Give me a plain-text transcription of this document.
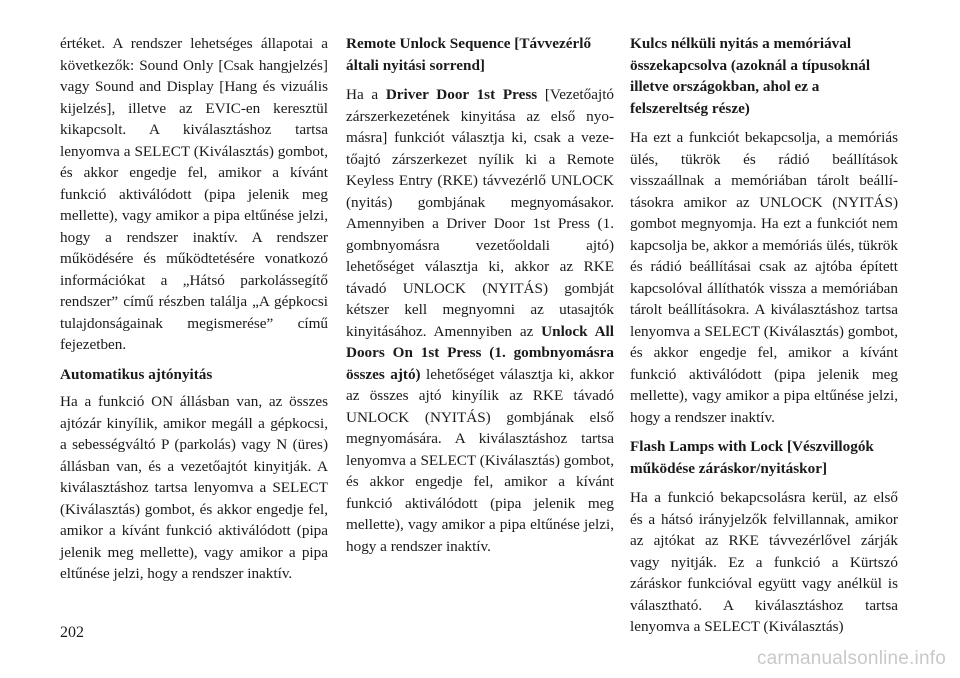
értéket. A rendszer lehetséges állapotai a következők: Sound Only [Csak hangjelzés] vagy Sound and Display [Hang és vizuális kijelzés], illetve az EVIC-en keresztül kikapcsolt. A kiválasztáshoz tartsa lenyomva a SELECT (Kiválasztás) gombot, és akkor engedje fel, amikor a kívánt funkció aktiválódott (pipa jelenik meg mellette), vagy amikor a pipa eltűnése jelzi, hogy a rendszer inaktív. A rendszer működésére és működtetésére vonatkozó információkat a „Hátsó parkolássegítő rendszer” című részben találja „A gépkocsi tulajdonságainak megismerése” című fejezetben.

Automatikus ajtónyitás

Ha a funkció ON állásban van, az összes ajtózár kinyílik, amikor megáll a gépkocsi, a sebességváltó P (parkolás) vagy N (üres) állásban van, és a vezetőajtót kinyitják. A kiválasztáshoz tartsa lenyomva a SELECT (Kiválasztás) gombot, és akkor engedje fel, amikor a kívánt funkció aktiválódott (pipa jelenik meg mellette), vagy amikor a pipa eltűnése jelzi, hogy a rendszer inaktív.

Remote Unlock Sequence [Távvezérlő általi nyitási sorrend]

Ha a Driver Door 1st Press [Vezetőajtó zárszerkezetének kinyitása az első nyomásra] funkciót választja ki, csak a vezetőajtó zárszerkezet nyílik ki a Remote Keyless Entry (RKE) távvezérlő UNLOCK (nyitás) gombjának megnyomásakor. Amennyiben a Driver Door 1st Press (1. gombnyomásra vezetőoldali ajtó) lehetőséget választja ki, akkor az RKE távadó UNLOCK (NYITÁS) gombját kétszer kell megnyomni az utasajtók kinyitásához. Amennyiben az Unlock All Doors On 1st Press (1. gombnyomásra összes ajtó) lehetőséget választja ki, akkor az összes ajtó kinyílik az RKE távadó UNLOCK (NYITÁS) gombjának első megnyomására. A kiválasztáshoz tartsa lenyomva a SELECT (Kiválasztás) gombot, és akkor engedje fel, amikor a kívánt funkció aktiválódott (pipa jelenik meg mellette), vagy amikor a pipa eltűnése jelzi, hogy a rendszer inaktív.

Kulcs nélküli nyitás a memóriával összekapcsolva (azoknál a típusoknál illetve országokban, ahol ez a felszereltség része)

Ha ezt a funkciót bekapcsolja, a memóriás ülés, tükrök és rádió beállítások visszaállnak a memóriában tárolt beállításokra amikor az UNLOCK (NYITÁS) gombot megnyomja. Ha ezt a funkciót nem kapcsolja be, akkor a memóriás ülés, tükrök és rádió beállításai csak az ajtóba épített kapcsolóval állíthatók vissza a memóriában tárolt beállításokra. A kiválasztáshoz tartsa lenyomva a SELECT (Kiválasztás) gombot, és akkor engedje fel, amikor a kívánt funkció aktiválódott (pipa jelenik meg mellette), vagy amikor a pipa eltűnése jelzi, hogy a rendszer inaktív.

Flash Lamps with Lock [Vészvillogók működése záráskor/nyitáskor]

Ha a funkció bekapcsolásra kerül, az első és a hátsó irányjelzők felvillannak, amikor az ajtókat az RKE távvezérlővel zárják vagy nyitják. Ez a funkció a Kürtszó záráskor funkcióval együtt vagy anélkül is választható. A kiválasztáshoz tartsa lenyomva a SELECT (Kiválasztás)

202
carmanualsonline.info
